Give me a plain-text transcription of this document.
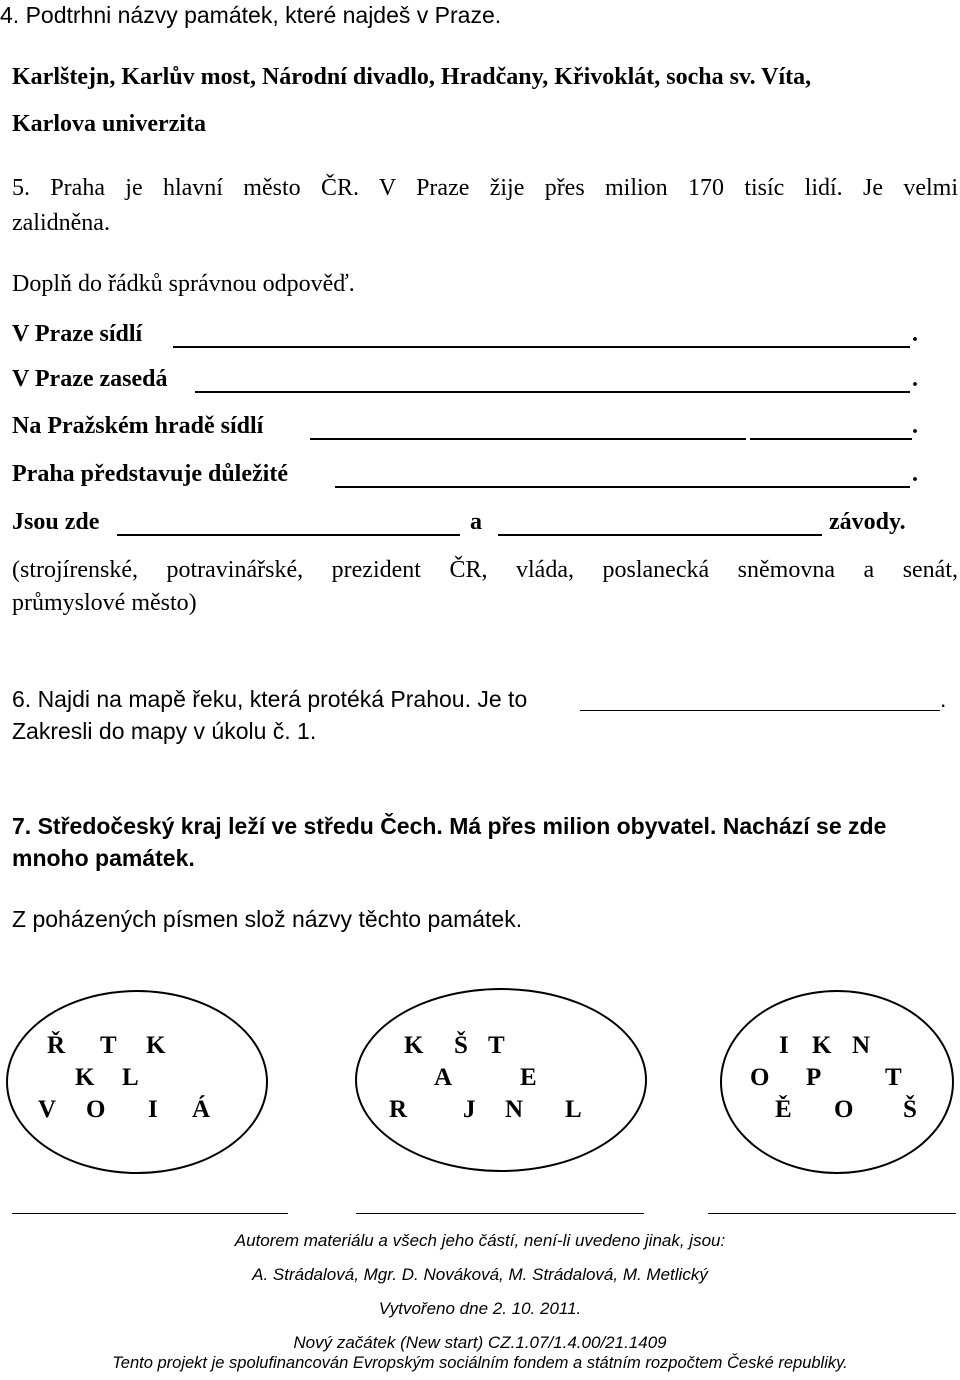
4. Podtrhni názvy památek, které najdeš v Praze.
Karlštejn, Karlův most, Národní divadlo, Hradčany, Křivoklát, socha sv. Víta,
Karlova univerzita
5. Praha je hlavní město ČR. V Praze žije přes milion 170 tisíc lidí. Je velmi
zalidněna.
Doplň do řádků správnou odpověď.
V Praze sídlí	.
V Praze zasedá	.
Na Pražském hradě sídlí	.
Praha představuje důležité	.
Jsou zde	a	závody.
(strojírenské, potravinářské, prezident ČR, vláda, poslanecká sněmovna a senát,
průmyslové město)
6. Najdi na mapě řeku, která protéká Prahou. Je to	.
Zakresli do mapy v úkolu č. 1.
7. Středočeský kraj leží ve středu Čech. Má přes milion obyvatel. Nachází se zde
mnoho památek.
Z poházených písmen slož názvy těchto památek.
Ř T K
K L
V O I Á
K Š T
A	E
R J N L
I K N
O P	T
Ě O Š
Autorem materiálu a všech jeho částí, není-li uvedeno jinak, jsou:
A. Strádalová, Mgr. D. Nováková, M. Strádalová, M. Metlický
Vytvořeno dne 2. 10. 2011.
Nový začátek (New start) CZ.1.07/1.4.00/21.1409
Tento projekt je spolufinancován Evropským sociálním fondem a státním rozpočtem České republiky.
